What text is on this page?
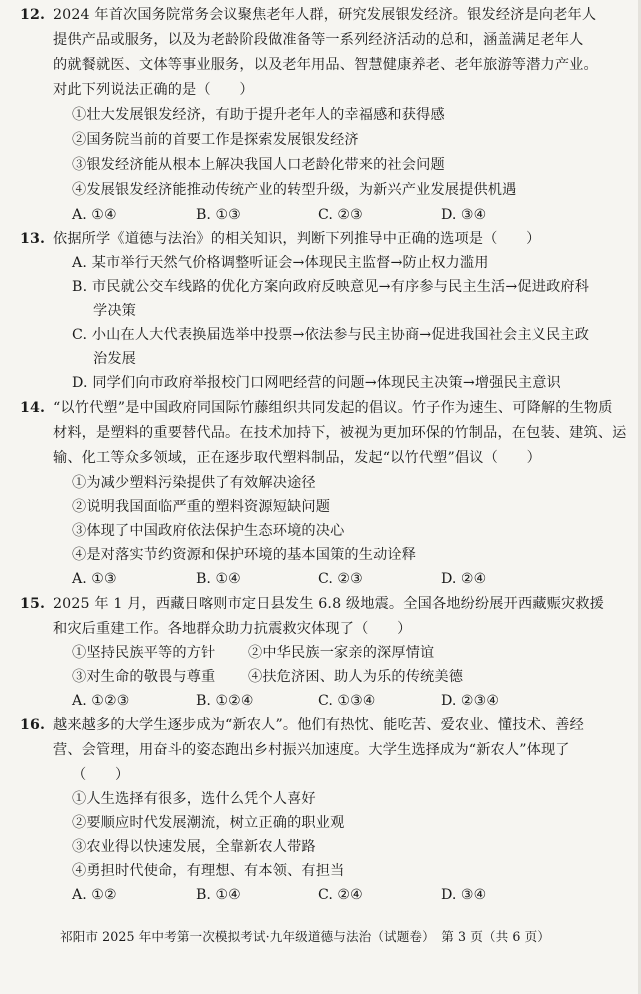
12. 2024 年首次国务院常务会议聚焦老年人群，研究发展银发经济。银发经济是向老年人
提供产品或服务，以及为老龄阶段做准备等一系列经济活动的总和，涵盖满足老年人
的就餐就医、文体等事业服务，以及老年用品、智慧健康养老、老年旅游等潜力产业。
对此下列说法正确的是（　　）
①壮大发展银发经济，有助于提升老年人的幸福感和获得感
②国务院当前的首要工作是探索发展银发经济
③银发经济能从根本上解决我国人口老龄化带来的社会问题
④发展银发经济能推动传统产业的转型升级，为新兴产业发展提供机遇
A. ①④	B. ①③	C. ②③	D. ③④
13. 依据所学《道德与法治》的相关知识，判断下列推导中正确的选项是（　　）
A. 某市举行天然气价格调整听证会→体现民主监督→防止权力滥用
B. 市民就公交车线路的优化方案向政府反映意见→有序参与民主生活→促进政府科
学决策
C. 小山在人大代表换届选举中投票→依法参与民主协商→促进我国社会主义民主政
治发展
D. 同学们向市政府举报校门口网吧经营的问题→体现民主决策→增强民主意识
14. “以竹代塑”是中国政府同国际竹藤组织共同发起的倡议。竹子作为速生、可降解的生物质
材料，是塑料的重要替代品。在技术加持下，被视为更加环保的竹制品，在包装、建筑、运
输、化工等众多领域，正在逐步取代塑料制品，发起“以竹代塑”倡议（　　）
①为减少塑料污染提供了有效解决途径
②说明我国面临严重的塑料资源短缺问题
③体现了中国政府依法保护生态环境的决心
④是对落实节约资源和保护环境的基本国策的生动诠释
A. ①③	B. ①④	C. ②③	D. ②④
15. 2025 年 1 月，西藏日喀则市定日县发生 6.8 级地震。全国各地纷纷展开西藏赈灾救援
和灾后重建工作。各地群众助力抗震救灾体现了（　　）
①坚持民族平等的方针 ②中华民族一家亲的深厚情谊
③对生命的敬畏与尊重 ④扶危济困、助人为乐的传统美德
A. ①②③	B. ①②④	C. ①③④	D. ②③④
16. 越来越多的大学生逐步成为“新农人”。他们有热忱、能吃苦、爱农业、懂技术、善经
营、会管理，用奋斗的姿态跑出乡村振兴加速度。大学生选择成为“新农人”体现了
（　　）
①人生选择有很多，选什么凭个人喜好
②要顺应时代发展潮流，树立正确的职业观
③农业得以快速发展，全靠新农人带路
④勇担时代使命，有理想、有本领、有担当
A. ①②	B. ①④	C. ②④	D. ③④
祁阳市 2025 年中考第一次模拟考试·九年级道德与法治（试题卷）　第 3 页（共 6 页）
